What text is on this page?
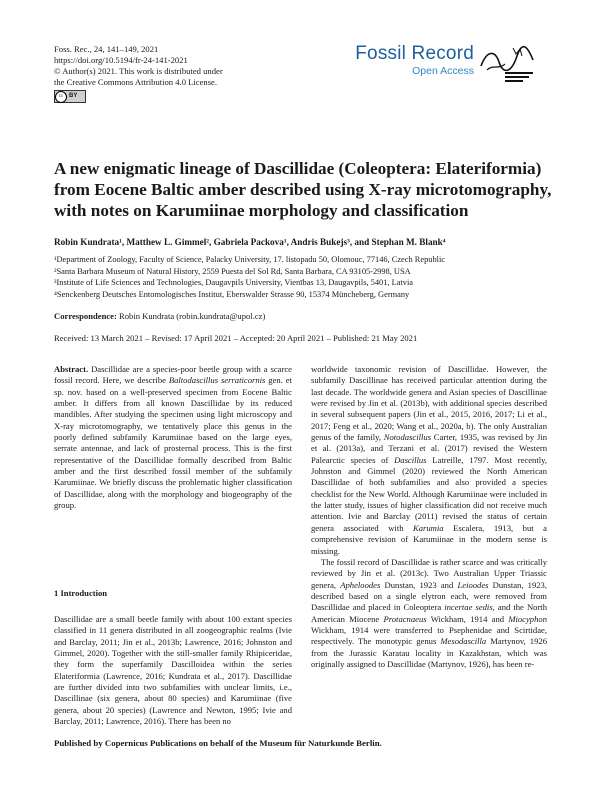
Foss. Rec., 24, 141–149, 2021
https://doi.org/10.5194/fr-24-141-2021
© Author(s) 2021. This work is distributed under
the Creative Commons Attribution 4.0 License.
cc BY
Fossil Record
Open Access
A new enigmatic lineage of Dascillidae (Coleoptera: Elateriformia)
from Eocene Baltic amber described using X-ray microtomography,
with notes on Karumiinae morphology and classification
Robin Kundrata¹, Matthew L. Gimmel², Gabriela Packova¹, Andris Bukejs³, and Stephan M. Blank⁴
¹Department of Zoology, Faculty of Science, Palacky University, 17. listopadu 50, Olomouc, 77146, Czech Republic
²Santa Barbara Museum of Natural History, 2559 Puesta del Sol Rd, Santa Barbara, CA 93105-2998, USA
³Institute of Life Sciences and Technologies, Daugavpils University, Vienības 13, Daugavpils, 5401, Latvia
⁴Senckenberg Deutsches Entomologisches Institut, Eberswalder Strasse 90, 15374 Müncheberg, Germany
Correspondence: Robin Kundrata (robin.kundrata@upol.cz)
Received: 13 March 2021 – Revised: 17 April 2021 – Accepted: 20 April 2021 – Published: 21 May 2021

Abstract. Dascillidae are a species-poor beetle group with a scarce fossil record. Here, we describe Baltodascillus serraticornis gen. et sp. nov. based on a well-preserved specimen from Eocene Baltic amber. It differs from all known Dascillidae by its reduced mandibles. After studying the specimen using light microscopy and X-ray microtomography, we tentatively place this genus in the poorly defined subfamily Karumiinae based on the large eyes, serrate antennae, and lack of prosternal process. This is the first representative of the Dascillidae formally described from Baltic amber and the first described fossil member of the subfamily Karumiinae. We briefly discuss the problematic higher classification of Dascillidae, along with the morphology and biogeography of the group.

1 Introduction

Dascillidae are a small beetle family with about 100 extant species classified in 11 genera distributed in all zoogeographic realms (Ivie and Barclay, 2011; Jin et al., 2013b; Lawrence, 2016; Johnston and Gimmel, 2020). Together with the still-smaller family Rhipiceridae, they form the superfamily Dascilloidea within the series Elateriformia (Lawrence, 2016; Kundrata et al., 2017). Dascillidae are further divided into two subfamilies with unclear limits, i.e., Dascillinae (six genera, about 80 species) and Karumiinae (five genera, about 20 species) (Lawrence and Newton, 1995; Ivie and Barclay, 2011; Lawrence, 2016). There has been no

worldwide taxonomic revision of Dascillidae. However, the subfamily Dascillinae has received particular attention during the last decade. The worldwide genera and Asian species of Dascillinae were revised by Jin et al. (2013b), with additional species described in several subsequent papers (Jin et al., 2015, 2016, 2017; Li et al., 2017; Feng et al., 2020; Wang et al., 2020a, b). The only Australian genus of the family, Notodascillus Carter, 1935, was revised by Jin et al. (2013a), and Terzani et al. (2017) revised the Western Palearctic species of Dascillus Latreille, 1797. Most recently, Johnston and Gimmel (2020) reviewed the North American Dascillidae of both subfamilies and also provided a species checklist for the New World. Although Karumiinae were included in the latter study, issues of higher classification did not receive much attention. Ivie and Barclay (2011) revised the status of certain genera associated with Karumia Escalera, 1913, but a comprehensive revision of Karumiinae in the modern sense is missing.

The fossil record of Dascillidae is rather scarce and was critically reviewed by Jin et al. (2013c). Two Australian Upper Triassic genera, Apheloodes Dunstan, 1923 and Leioodes Dunstan, 1923, described based on a single elytron each, were removed from Dascillidae and placed in Coleoptera incertae sedis, and the North American Miocene Protacnaeus Wickham, 1914 and Miocyphon Wickham, 1914 were transferred to Psephenidae and Scirtidae, respectively. The monotypic genus Mesodascilla Martynov, 1926 from the Jurassic Karatau locality in Kazakhstan, which was originally assigned to Dascillidae (Martynov, 1926), has been re-

Published by Copernicus Publications on behalf of the Museum für Naturkunde Berlin.
